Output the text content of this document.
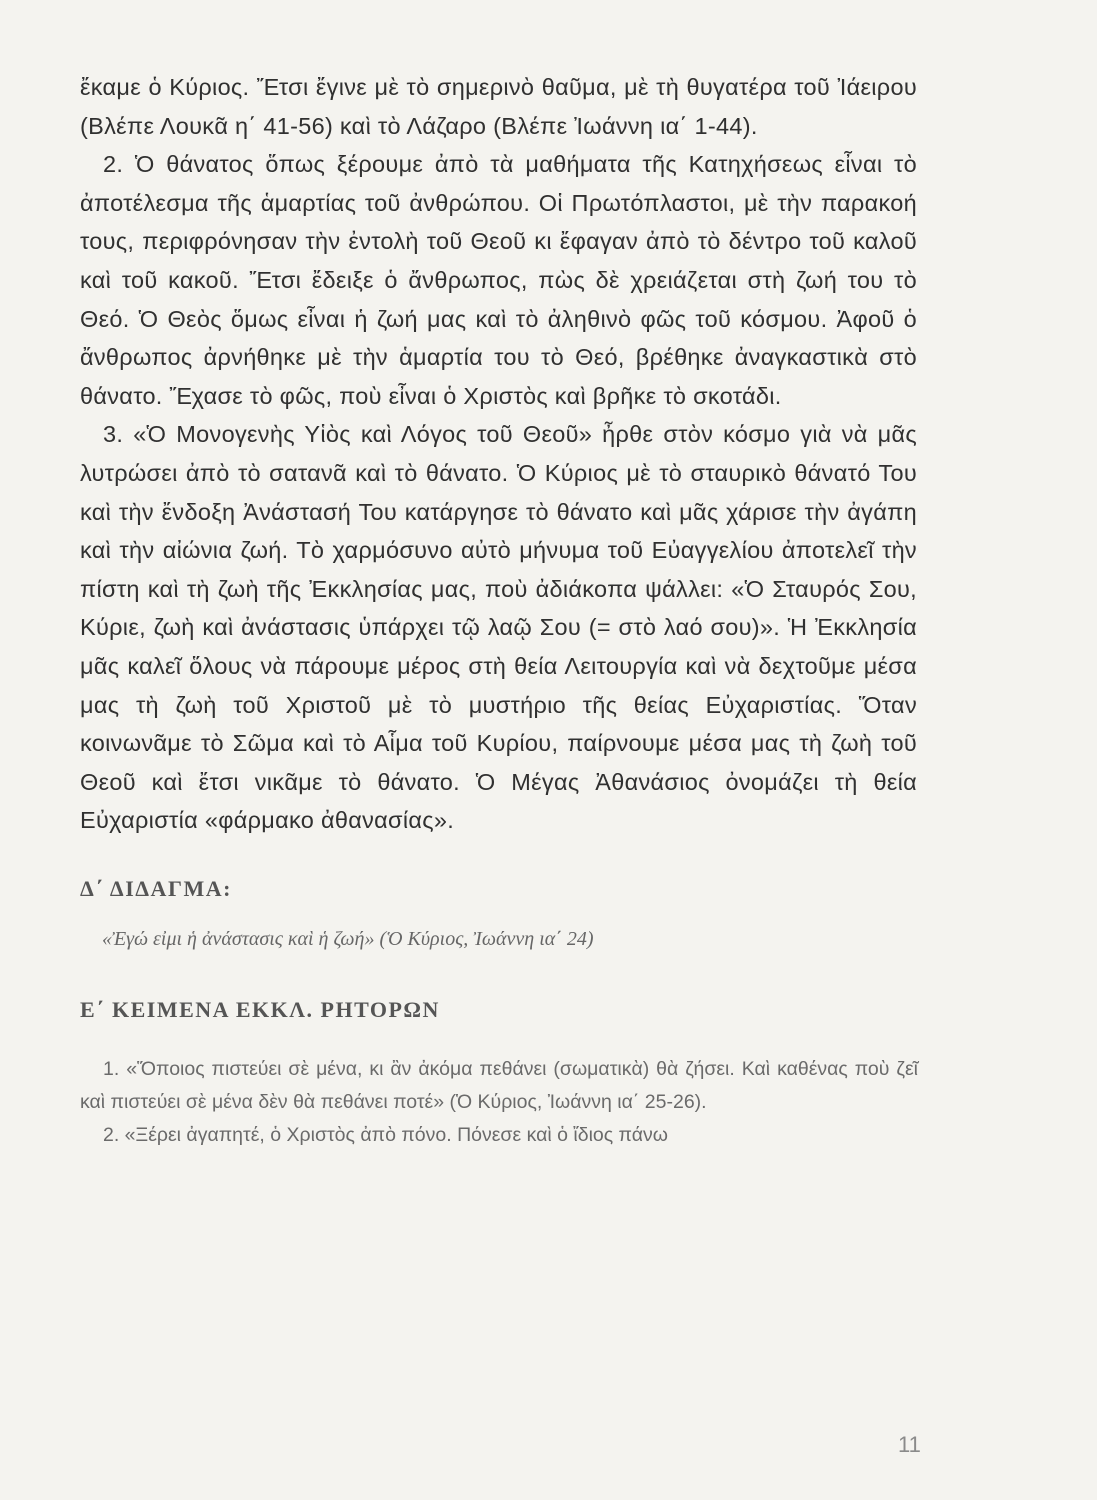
ἔκαμε ὁ Κύριος. Ἔτσι ἔγινε μὲ τὸ σημερινὸ θαῦμα, μὲ τὴ θυγατέρα τοῦ Ἰάειρου (Βλέπε Λουκᾶ η΄ 41-56) καὶ τὸ Λάζαρο (Βλέπε Ἰωάννη ια΄ 1-44).

2. Ὁ θάνατος ὅπως ξέρουμε ἀπὸ τὰ μαθήματα τῆς Κατηχήσεως εἶναι τὸ ἀποτέλεσμα τῆς ἁμαρτίας τοῦ ἀνθρώπου. Οἱ Πρωτόπλαστοι, μὲ τὴν παρακοή τους, περιφρόνησαν τὴν ἐντολὴ τοῦ Θεοῦ κι ἔφαγαν ἀπὸ τὸ δέντρο τοῦ καλοῦ καὶ τοῦ κακοῦ. Ἔτσι ἔδειξε ὁ ἄνθρωπος, πὼς δὲ χρειάζεται στὴ ζωή του τὸ Θεό. Ὁ Θεὸς ὅμως εἶναι ἡ ζωή μας καὶ τὸ ἀληθινὸ φῶς τοῦ κόσμου. Ἀφοῦ ὁ ἄνθρωπος ἀρνήθηκε μὲ τὴν ἁμαρτία του τὸ Θεό, βρέθηκε ἀναγκαστικὰ στὸ θάνατο. Ἔχασε τὸ φῶς, ποὺ εἶναι ὁ Χριστὸς καὶ βρῆκε τὸ σκοτάδι.

3. «Ὁ Μονογενὴς Υἱὸς καὶ Λόγος τοῦ Θεοῦ» ἦρθε στὸν κόσμο γιὰ νὰ μᾶς λυτρώσει ἀπὸ τὸ σατανᾶ καὶ τὸ θάνατο. Ὁ Κύριος μὲ τὸ σταυρικὸ θάνατό Του καὶ τὴν ἔνδοξη Ἀνάστασή Του κατάργησε τὸ θάνατο καὶ μᾶς χάρισε τὴν ἀγάπη καὶ τὴν αἰώνια ζωή. Τὸ χαρμόσυνο αὐτὸ μήνυμα τοῦ Εὐαγγελίου ἀποτελεῖ τὴν πίστη καὶ τὴ ζωὴ τῆς Ἐκκλησίας μας, ποὺ ἀδιάκοπα ψάλλει: «Ὁ Σταυρός Σου, Κύριε, ζωὴ καὶ ἀνάστασις ὑπάρχει τῷ λαῷ Σου (= στὸ λαό σου)». Ἡ Ἐκκλησία μᾶς καλεῖ ὅλους νὰ πάρουμε μέρος στὴ θεία Λειτουργία καὶ νὰ δεχτοῦμε μέσα μας τὴ ζωὴ τοῦ Χριστοῦ μὲ τὸ μυστήριο τῆς θείας Εὐχαριστίας. Ὅταν κοινωνᾶμε τὸ Σῶμα καὶ τὸ Αἷμα τοῦ Κυρίου, παίρνουμε μέσα μας τὴ ζωὴ τοῦ Θεοῦ καὶ ἔτσι νικᾶμε τὸ θάνατο. Ὁ Μέγας Ἀθανάσιος ὀνομάζει τὴ θεία Εὐχαριστία «φάρμακο ἀθανασίας».

Δ΄ ΔΙΔΑΓΜΑ:
«Ἐγώ εἰμι ἡ ἀνάστασις καὶ ἡ ζωή» (Ὁ Κύριος, Ἰωάννη ια΄ 24)
Ε΄ ΚΕΙΜΕΝΑ ΕΚΚΛ. ΡΗΤΟΡΩΝ

1. «Ὅποιος πιστεύει σὲ μένα, κι ἂν ἀκόμα πεθάνει (σωματικὰ) θὰ ζήσει. Καὶ καθένας ποὺ ζεῖ καὶ πιστεύει σὲ μένα δὲν θὰ πεθάνει ποτέ» (Ὁ Κύριος, Ἰωάννη ια΄ 25-26).

2. «Ξέρει ἀγαπητέ, ὁ Χριστὸς ἀπὸ πόνο. Πόνεσε καὶ ὁ ἴδιος πάνω

11
